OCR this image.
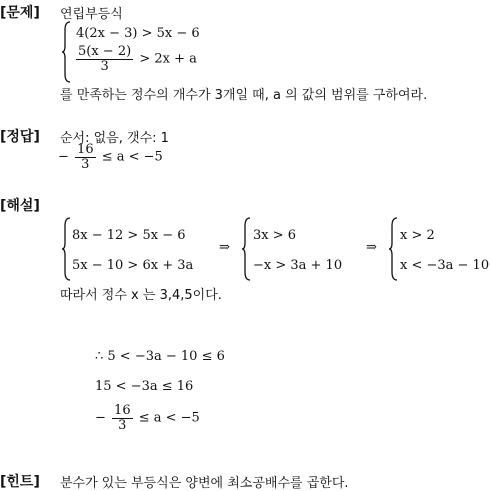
[문제] 연립부등식
4(2x − 3) > 5x − 6
$\frac{5(x - 2)}{3} > 2x + a$
를 만족하는 정수의 개수가 3개일 때, a 의 값의 범위를 구하여라.
[정답] 순서: 없음, 갯수: 1
− $\frac{16}{3} \le a < -5$
[해설]
8x − 12 > 5x − 6
5x − 10 > 6x + 3a
⇒
3x > 6
−x > 3a + 10
⇒
x > 2
x < −3a − 10
따라서 정수 x 는 3,4,5이다.
∴ 5 < −3a − 10 ≤ 6
15 < −3a ≤ 16
− $\frac{16}{3} \le a < -5$
[힌트] 분수가 있는 부등식은 양변에 최소공배수를 곱한다.
